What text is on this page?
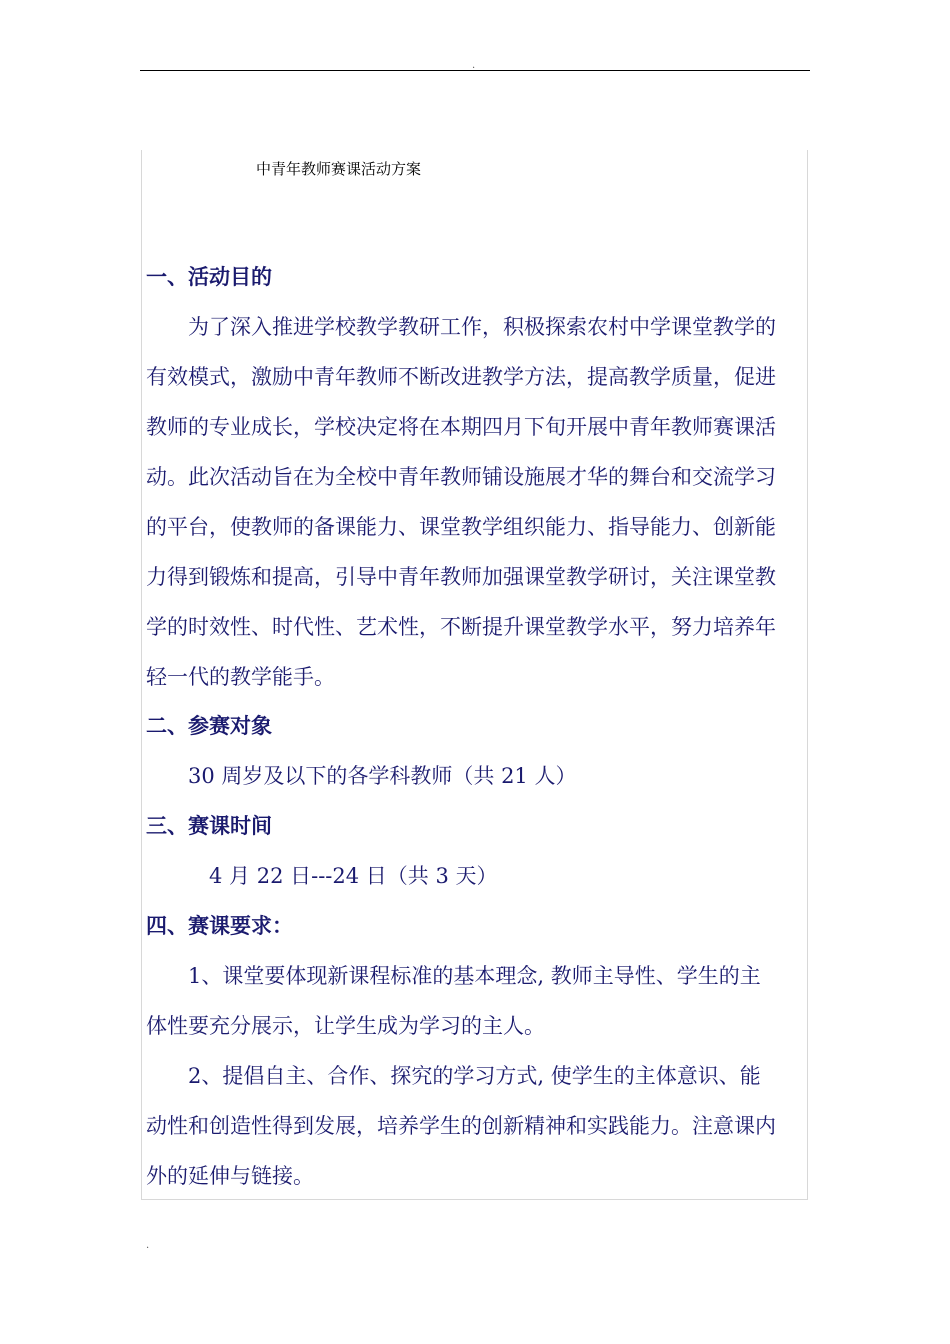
.
中青年教师赛课活动方案
一、活动目的
　　为了深入推进学校教学教研工作，积极探索农村中学课堂教学的
有效模式，激励中青年教师不断改进教学方法，提高教学质量，促进
教师的专业成长，学校决定将在本期四月下旬开展中青年教师赛课活
动。此次活动旨在为全校中青年教师铺设施展才华的舞台和交流学习
的平台，使教师的备课能力、课堂教学组织能力、指导能力、创新能
力得到锻炼和提高，引导中青年教师加强课堂教学研讨，关注课堂教
学的时效性、时代性、艺术性，不断提升课堂教学水平，努力培养年
轻一代的教学能手。
二、参赛对象
　　30 周岁及以下的各学科教师（共 21 人）
三、赛课时间
　　　4 月 22 日---24 日（共 3 天）
四、赛课要求：
　　1、课堂要体现新课程标准的基本理念, 教师主导性、学生的主
体性要充分展示，让学生成为学习的主人。
　　2、提倡自主、合作、探究的学习方式, 使学生的主体意识、能
动性和创造性得到发展，培养学生的创新精神和实践能力。注意课内
外的延伸与链接。
.
